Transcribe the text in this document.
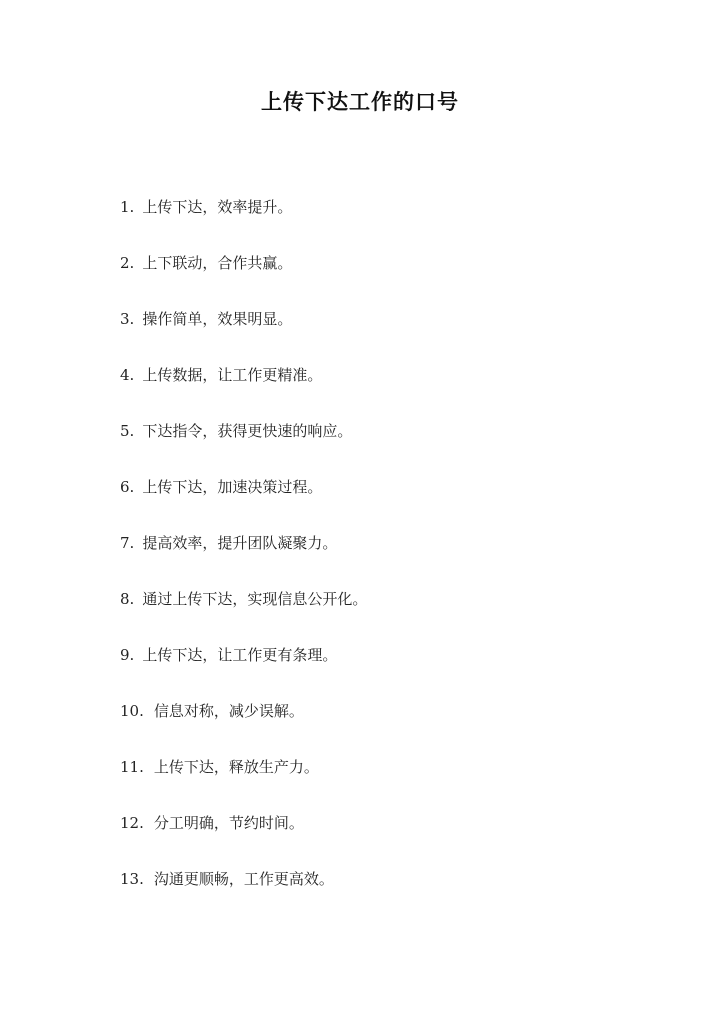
上传下达工作的口号
1. 上传下达，效率提升。
2. 上下联动，合作共赢。
3. 操作简单，效果明显。
4. 上传数据，让工作更精准。
5. 下达指令，获得更快速的响应。
6. 上传下达，加速决策过程。
7. 提高效率，提升团队凝聚力。
8. 通过上传下达，实现信息公开化。
9. 上传下达，让工作更有条理。
10. 信息对称，减少误解。
11. 上传下达，释放生产力。
12. 分工明确，节约时间。
13. 沟通更顺畅，工作更高效。
